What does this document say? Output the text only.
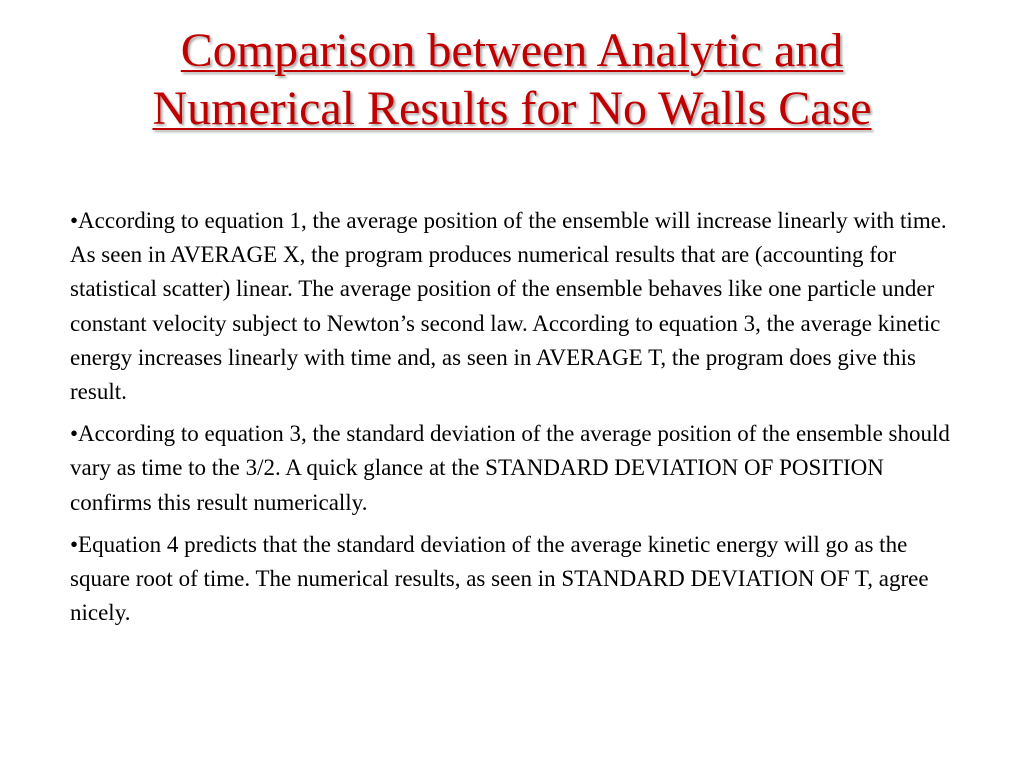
Comparison between Analytic and
Numerical Results for No Walls Case

•According to equation 1, the average position of the ensemble will increase linearly with time. As seen in AVERAGE X, the program produces numerical results that are (accounting for statistical scatter) linear. The average position of the ensemble behaves like one particle under constant velocity subject to Newton’s second law. According to equation 3, the average kinetic energy increases linearly with time and, as seen in AVERAGE T, the program does give this result.

•According to equation 3, the standard deviation of the average position of the ensemble should vary as time to the 3/2. A quick glance at the STANDARD DEVIATION OF POSITION confirms this result numerically.

•Equation 4 predicts that the standard deviation of the average kinetic energy will go as the square root of time. The numerical results, as seen in STANDARD DEVIATION OF T, agree nicely.
